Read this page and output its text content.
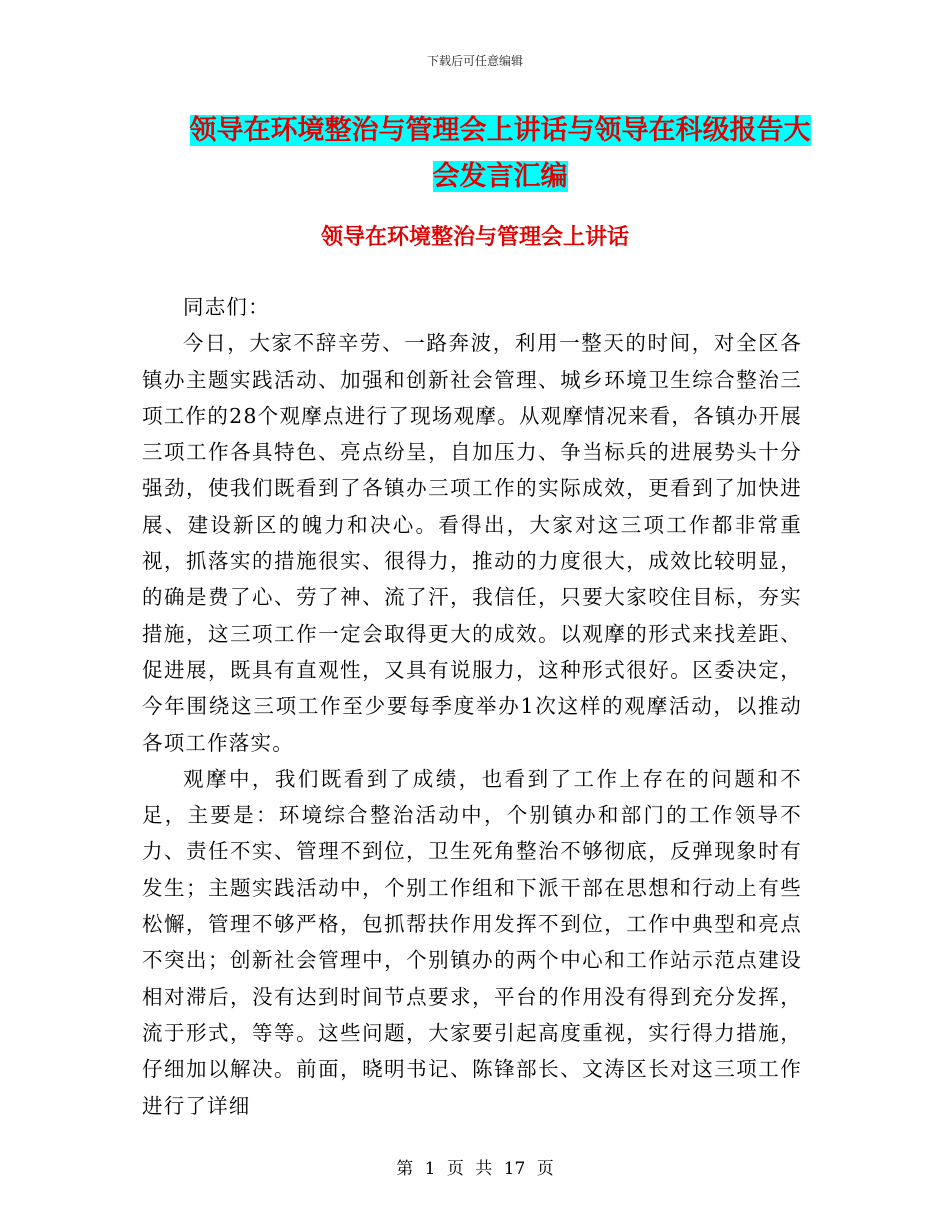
下载后可任意编辑
领导在环境整治与管理会上讲话与领导在科级报告大
会发言汇编
领导在环境整治与管理会上讲话

同志们：

今日，大家不辞辛劳、一路奔波，利用一整天的时间，对全区各镇办主题实践活动、加强和创新社会管理、城乡环境卫生综合整治三项工作的28个观摩点进行了现场观摩。从观摩情况来看，各镇办开展三项工作各具特色、亮点纷呈，自加压力、争当标兵的进展势头十分强劲，使我们既看到了各镇办三项工作的实际成效，更看到了加快进展、建设新区的魄力和决心。看得出，大家对这三项工作都非常重视，抓落实的措施很实、很得力，推动的力度很大，成效比较明显，的确是费了心、劳了神、流了汗，我信任，只要大家咬住目标，夯实措施，这三项工作一定会取得更大的成效。以观摩的形式来找差距、促进展，既具有直观性，又具有说服力，这种形式很好。区委决定，今年围绕这三项工作至少要每季度举办1次这样的观摩活动，以推动各项工作落实。

观摩中，我们既看到了成绩，也看到了工作上存在的问题和不足，主要是：环境综合整治活动中，个别镇办和部门的工作领导不力、责任不实、管理不到位，卫生死角整治不够彻底，反弹现象时有发生；主题实践活动中，个别工作组和下派干部在思想和行动上有些松懈，管理不够严格，包抓帮扶作用发挥不到位，工作中典型和亮点不突出；创新社会管理中，个别镇办的两个中心和工作站示范点建设相对滞后，没有达到时间节点要求，平台的作用没有得到充分发挥，流于形式，等等。这些问题，大家要引起高度重视，实行得力措施，仔细加以解决。前面，晓明书记、陈锋部长、文涛区长对这三项工作进行了详细

第 1 页 共 17 页
